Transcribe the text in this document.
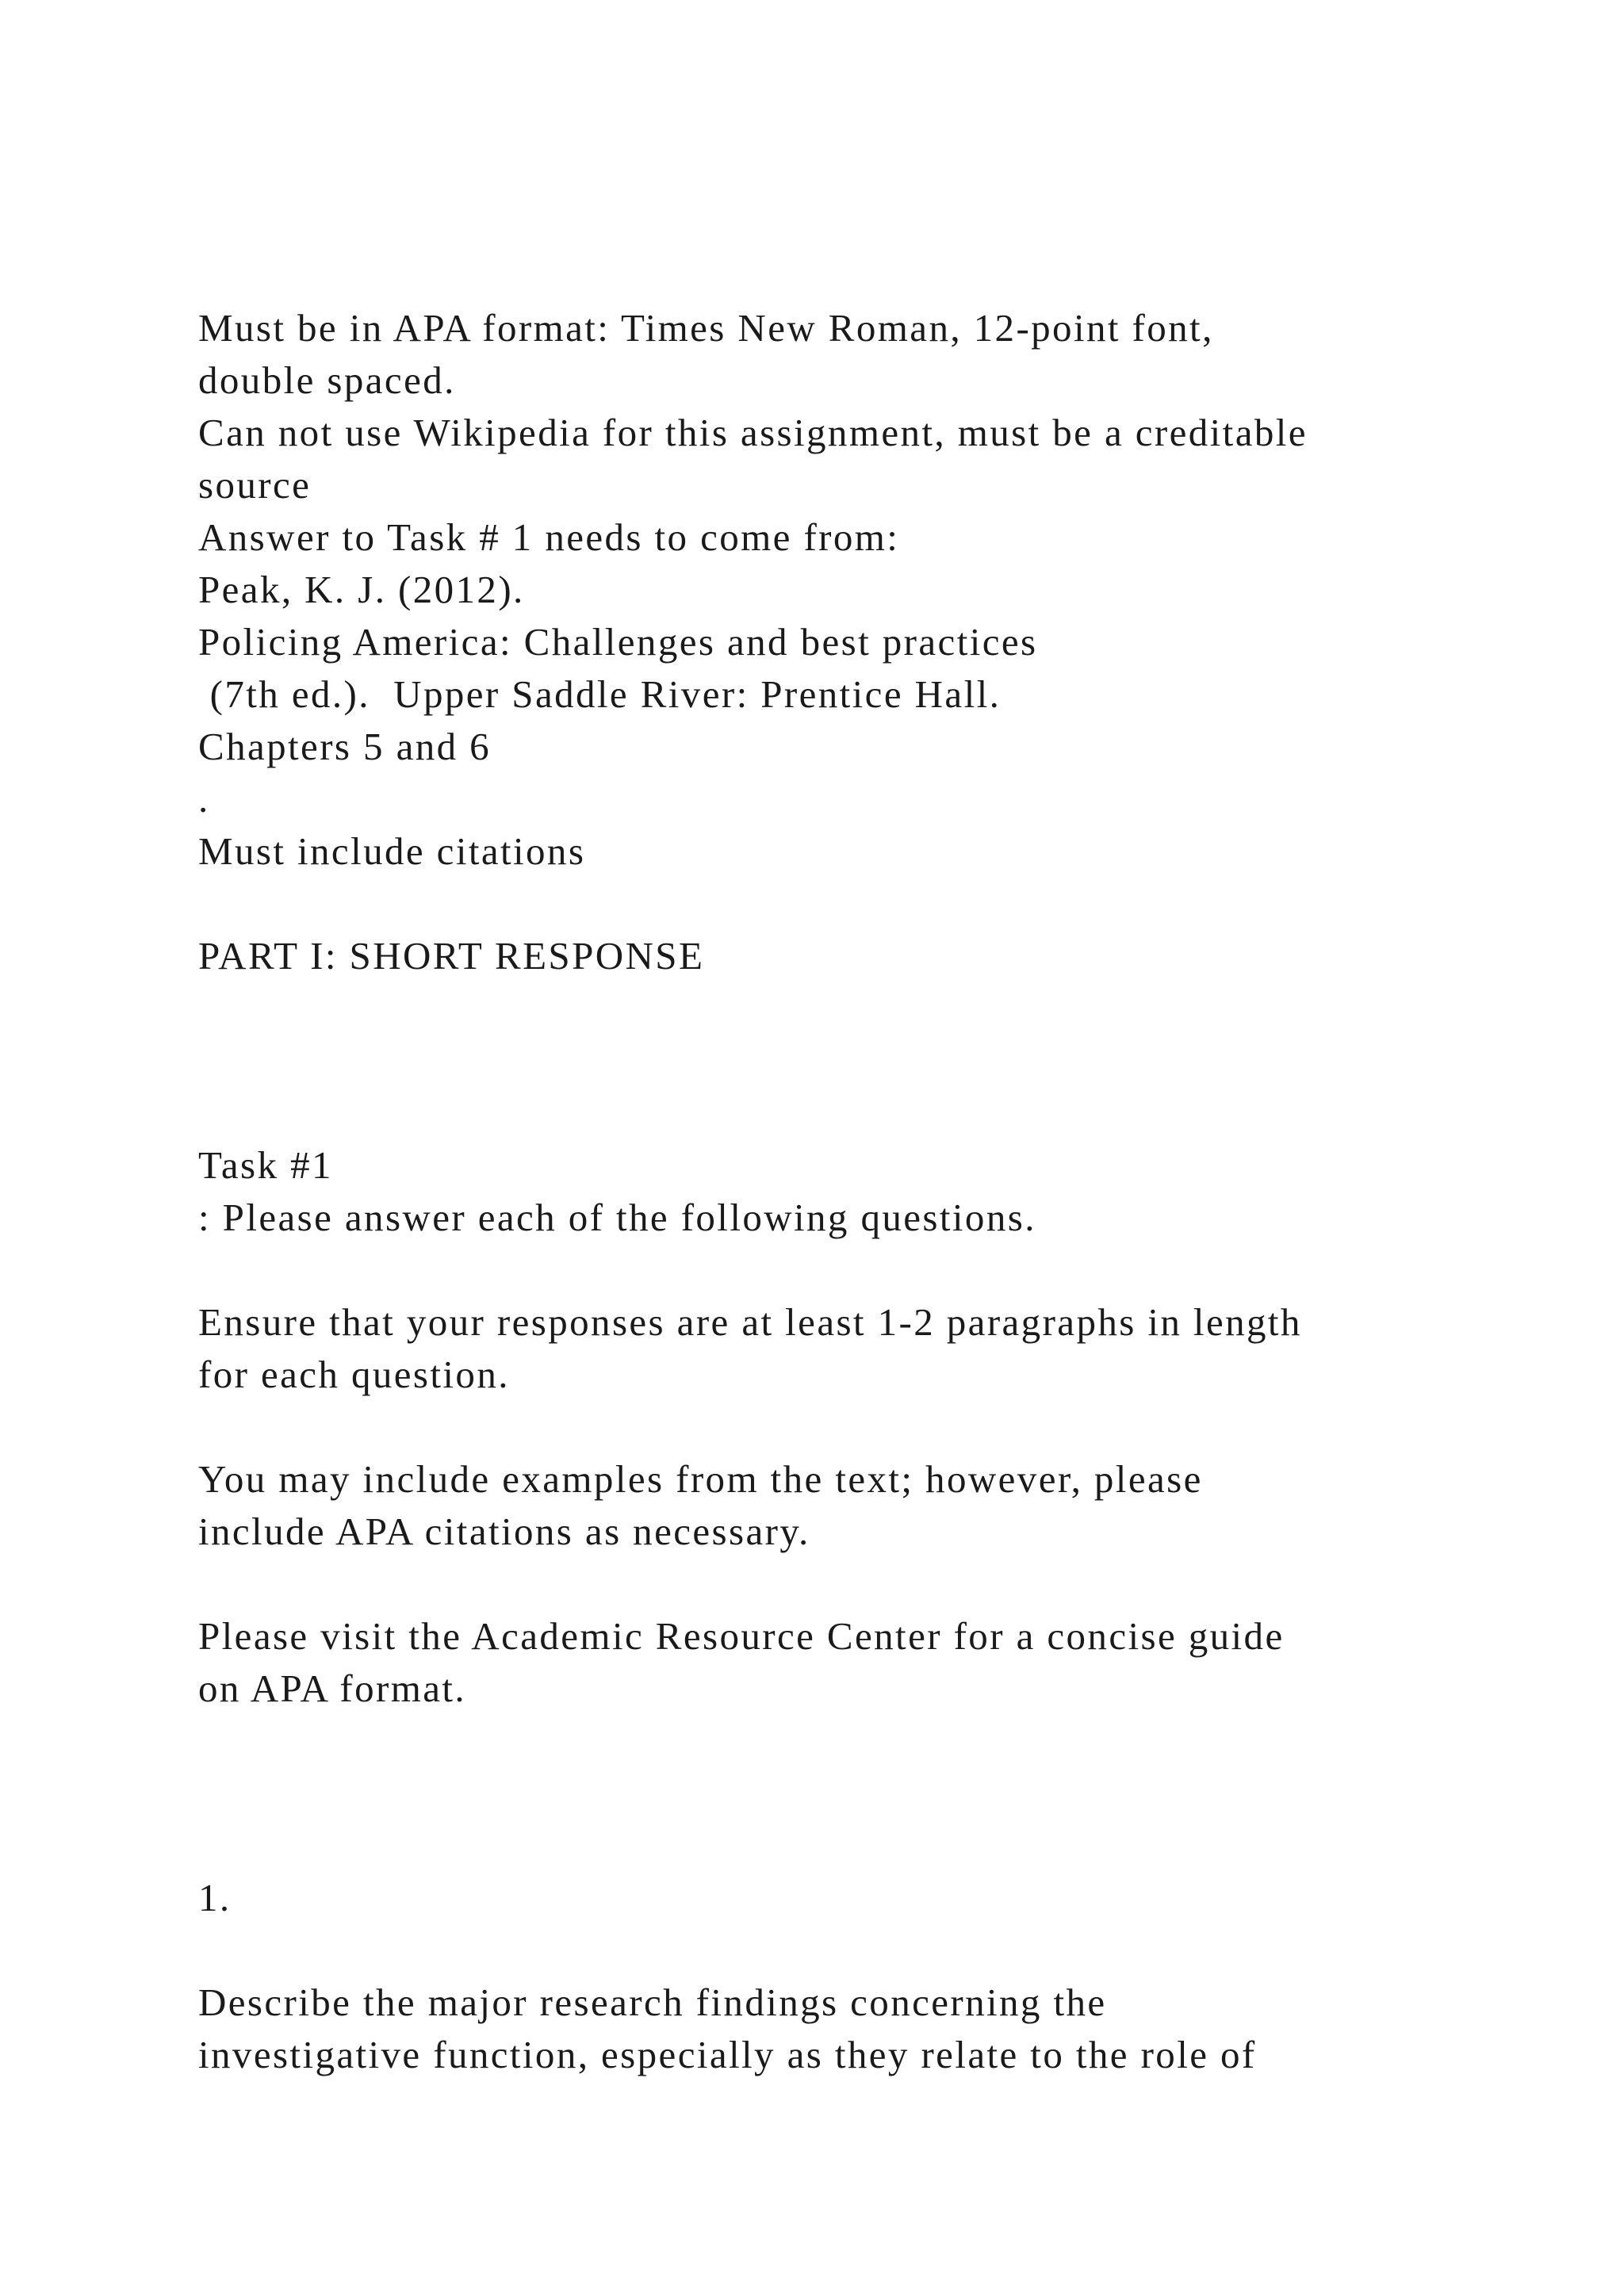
Must be in APA format: Times New Roman, 12-point font,
double spaced.
Can not use Wikipedia for this assignment, must be a creditable
source
Answer to Task # 1 needs to come from:
Peak, K. J. (2012).
Policing America: Challenges and best practices
(7th ed.).  Upper Saddle River: Prentice Hall.
Chapters 5 and 6
.
Must include citations
PART I: SHORT RESPONSE
Task #1
: Please answer each of the following questions.
Ensure that your responses are at least 1-2 paragraphs in length
for each question.
You may include examples from the text; however, please
include APA citations as necessary.
Please visit the Academic Resource Center for a concise guide
on APA format.
1.
Describe the major research findings concerning the
investigative function, especially as they relate to the role of
